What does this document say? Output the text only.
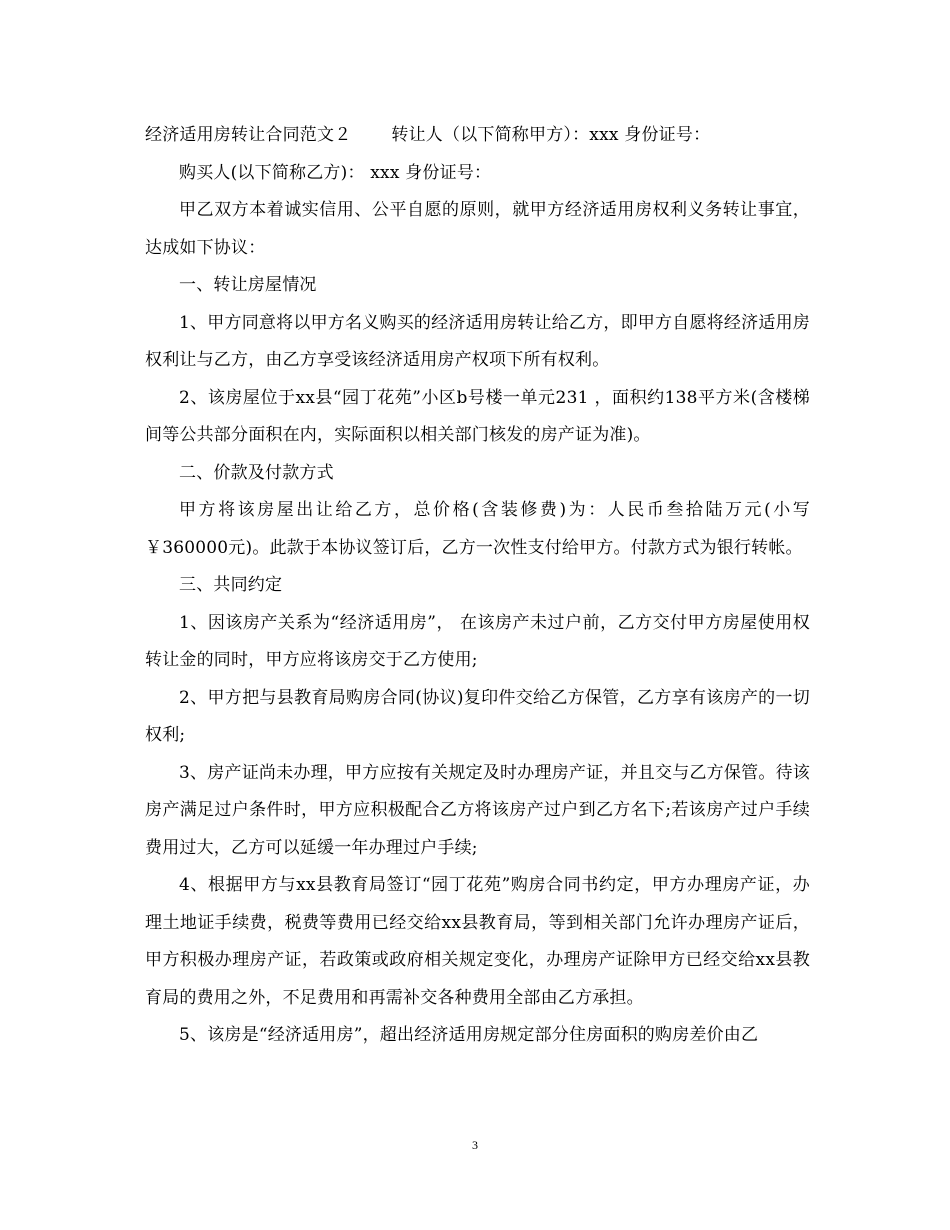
经济适用房转让合同范文２ 转让人（以下简称甲方）：xxx 身份证号：

购买人(以下简称乙方)： xxx 身份证号：

甲乙双方本着诚实信用、公平自愿的原则，就甲方经济适用房权利义务转让事宜，达成如下协议：

一、转让房屋情况

1、甲方同意将以甲方名义购买的经济适用房转让给乙方，即甲方自愿将经济适用房权利让与乙方，由乙方享受该经济适用房产权项下所有权利。

2、该房屋位于xx县“园丁花苑”小区b号楼一单元231 ，面积约138平方米(含楼梯间等公共部分面积在内，实际面积以相关部门核发的房产证为准)。

二、价款及付款方式

甲方将该房屋出让给乙方，总价格(含装修费)为：人民币叁拾陆万元(小写￥360000元)。此款于本协议签订后，乙方一次性支付给甲方。付款方式为银行转帐。

三、共同约定

1、因该房产关系为“经济适用房”， 在该房产未过户前，乙方交付甲方房屋使用权转让金的同时，甲方应将该房交于乙方使用;

2、甲方把与县教育局购房合同(协议)复印件交给乙方保管，乙方享有该房产的一切权利;

3、房产证尚未办理，甲方应按有关规定及时办理房产证，并且交与乙方保管。待该房产满足过户条件时，甲方应积极配合乙方将该房产过户到乙方名下;若该房产过户手续费用过大，乙方可以延缓一年办理过户手续;

4、根据甲方与xx县教育局签订“园丁花苑”购房合同书约定，甲方办理房产证，办理土地证手续费，税费等费用已经交给xx县教育局，等到相关部门允许办理房产证后，甲方积极办理房产证，若政策或政府相关规定变化，办理房产证除甲方已经交给xx县教育局的费用之外，不足费用和再需补交各种费用全部由乙方承担。

5、该房是“经济适用房”，超出经济适用房规定部分住房面积的购房差价由乙

3
